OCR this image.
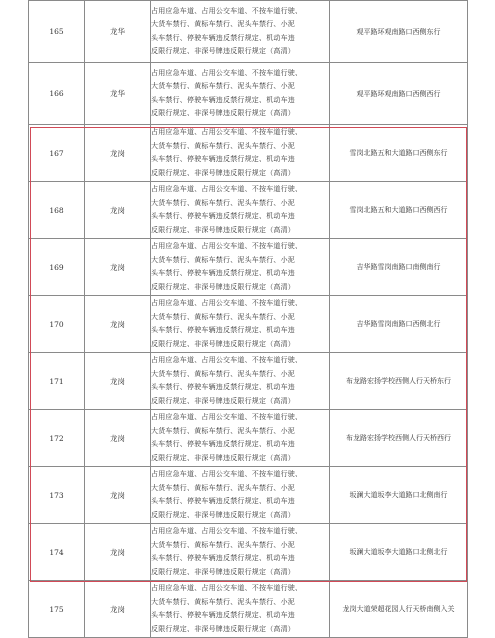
165	龙华	占用应急车道、占用公交车道、不按车道行驶、
大货车禁行、黄标车禁行、泥头车禁行、小泥
头车禁行、停驶车辆违反禁行规定、机动车违
反限行规定、非深号牌违反限行规定（高清）	观平路环观南路口西侧东行
166	龙华	占用应急车道、占用公交车道、不按车道行驶、
大货车禁行、黄标车禁行、泥头车禁行、小泥
头车禁行、停驶车辆违反禁行规定、机动车违
反限行规定、非深号牌违反限行规定（高清）	观平路环观南路口西侧西行
167	龙岗	占用应急车道、占用公交车道、不按车道行驶、
大货车禁行、黄标车禁行、泥头车禁行、小泥
头车禁行、停驶车辆违反禁行规定、机动车违
反限行规定、非深号牌违反限行规定（高清）	雪岗北路五和大道路口西侧东行
168	龙岗	占用应急车道、占用公交车道、不按车道行驶、
大货车禁行、黄标车禁行、泥头车禁行、小泥
头车禁行、停驶车辆违反禁行规定、机动车违
反限行规定、非深号牌违反限行规定（高清）	雪岗北路五和大道路口西侧西行
169	龙岗	占用应急车道、占用公交车道、不按车道行驶、
大货车禁行、黄标车禁行、泥头车禁行、小泥
头车禁行、停驶车辆违反禁行规定、机动车违
反限行规定、非深号牌违反限行规定（高清）	吉华路雪岗南路口南侧南行
170	龙岗	占用应急车道、占用公交车道、不按车道行驶、
大货车禁行、黄标车禁行、泥头车禁行、小泥
头车禁行、停驶车辆违反禁行规定、机动车违
反限行规定、非深号牌违反限行规定（高清）	吉华路雪岗南路口西侧北行
171	龙岗	占用应急车道、占用公交车道、不按车道行驶、
大货车禁行、黄标车禁行、泥头车禁行、小泥
头车禁行、停驶车辆违反禁行规定、机动车违
反限行规定、非深号牌违反限行规定（高清）	布龙路宏扬学校西侧人行天桥东行
172	龙岗	占用应急车道、占用公交车道、不按车道行驶、
大货车禁行、黄标车禁行、泥头车禁行、小泥
头车禁行、停驶车辆违反禁行规定、机动车违
反限行规定、非深号牌违反限行规定（高清）	布龙路宏扬学校西侧人行天桥西行
173	龙岗	占用应急车道、占用公交车道、不按车道行驶、
大货车禁行、黄标车禁行、泥头车禁行、小泥
头车禁行、停驶车辆违反禁行规定、机动车违
反限行规定、非深号牌违反限行规定（高清）	坂澜大道坂李大道路口北侧南行
174	龙岗	占用应急车道、占用公交车道、不按车道行驶、
大货车禁行、黄标车禁行、泥头车禁行、小泥
头车禁行、停驶车辆违反禁行规定、机动车违
反限行规定、非深号牌违反限行规定（高清）	坂澜大道坂李大道路口北侧北行
175	龙岗	占用应急车道、占用公交车道、不按车道行驶、
大货车禁行、黄标车禁行、泥头车禁行、小泥
头车禁行、停驶车辆违反禁行规定、机动车违
反限行规定、非深号牌违反限行规定（高清）	龙岗大道荣超花园人行天桥南侧入关
